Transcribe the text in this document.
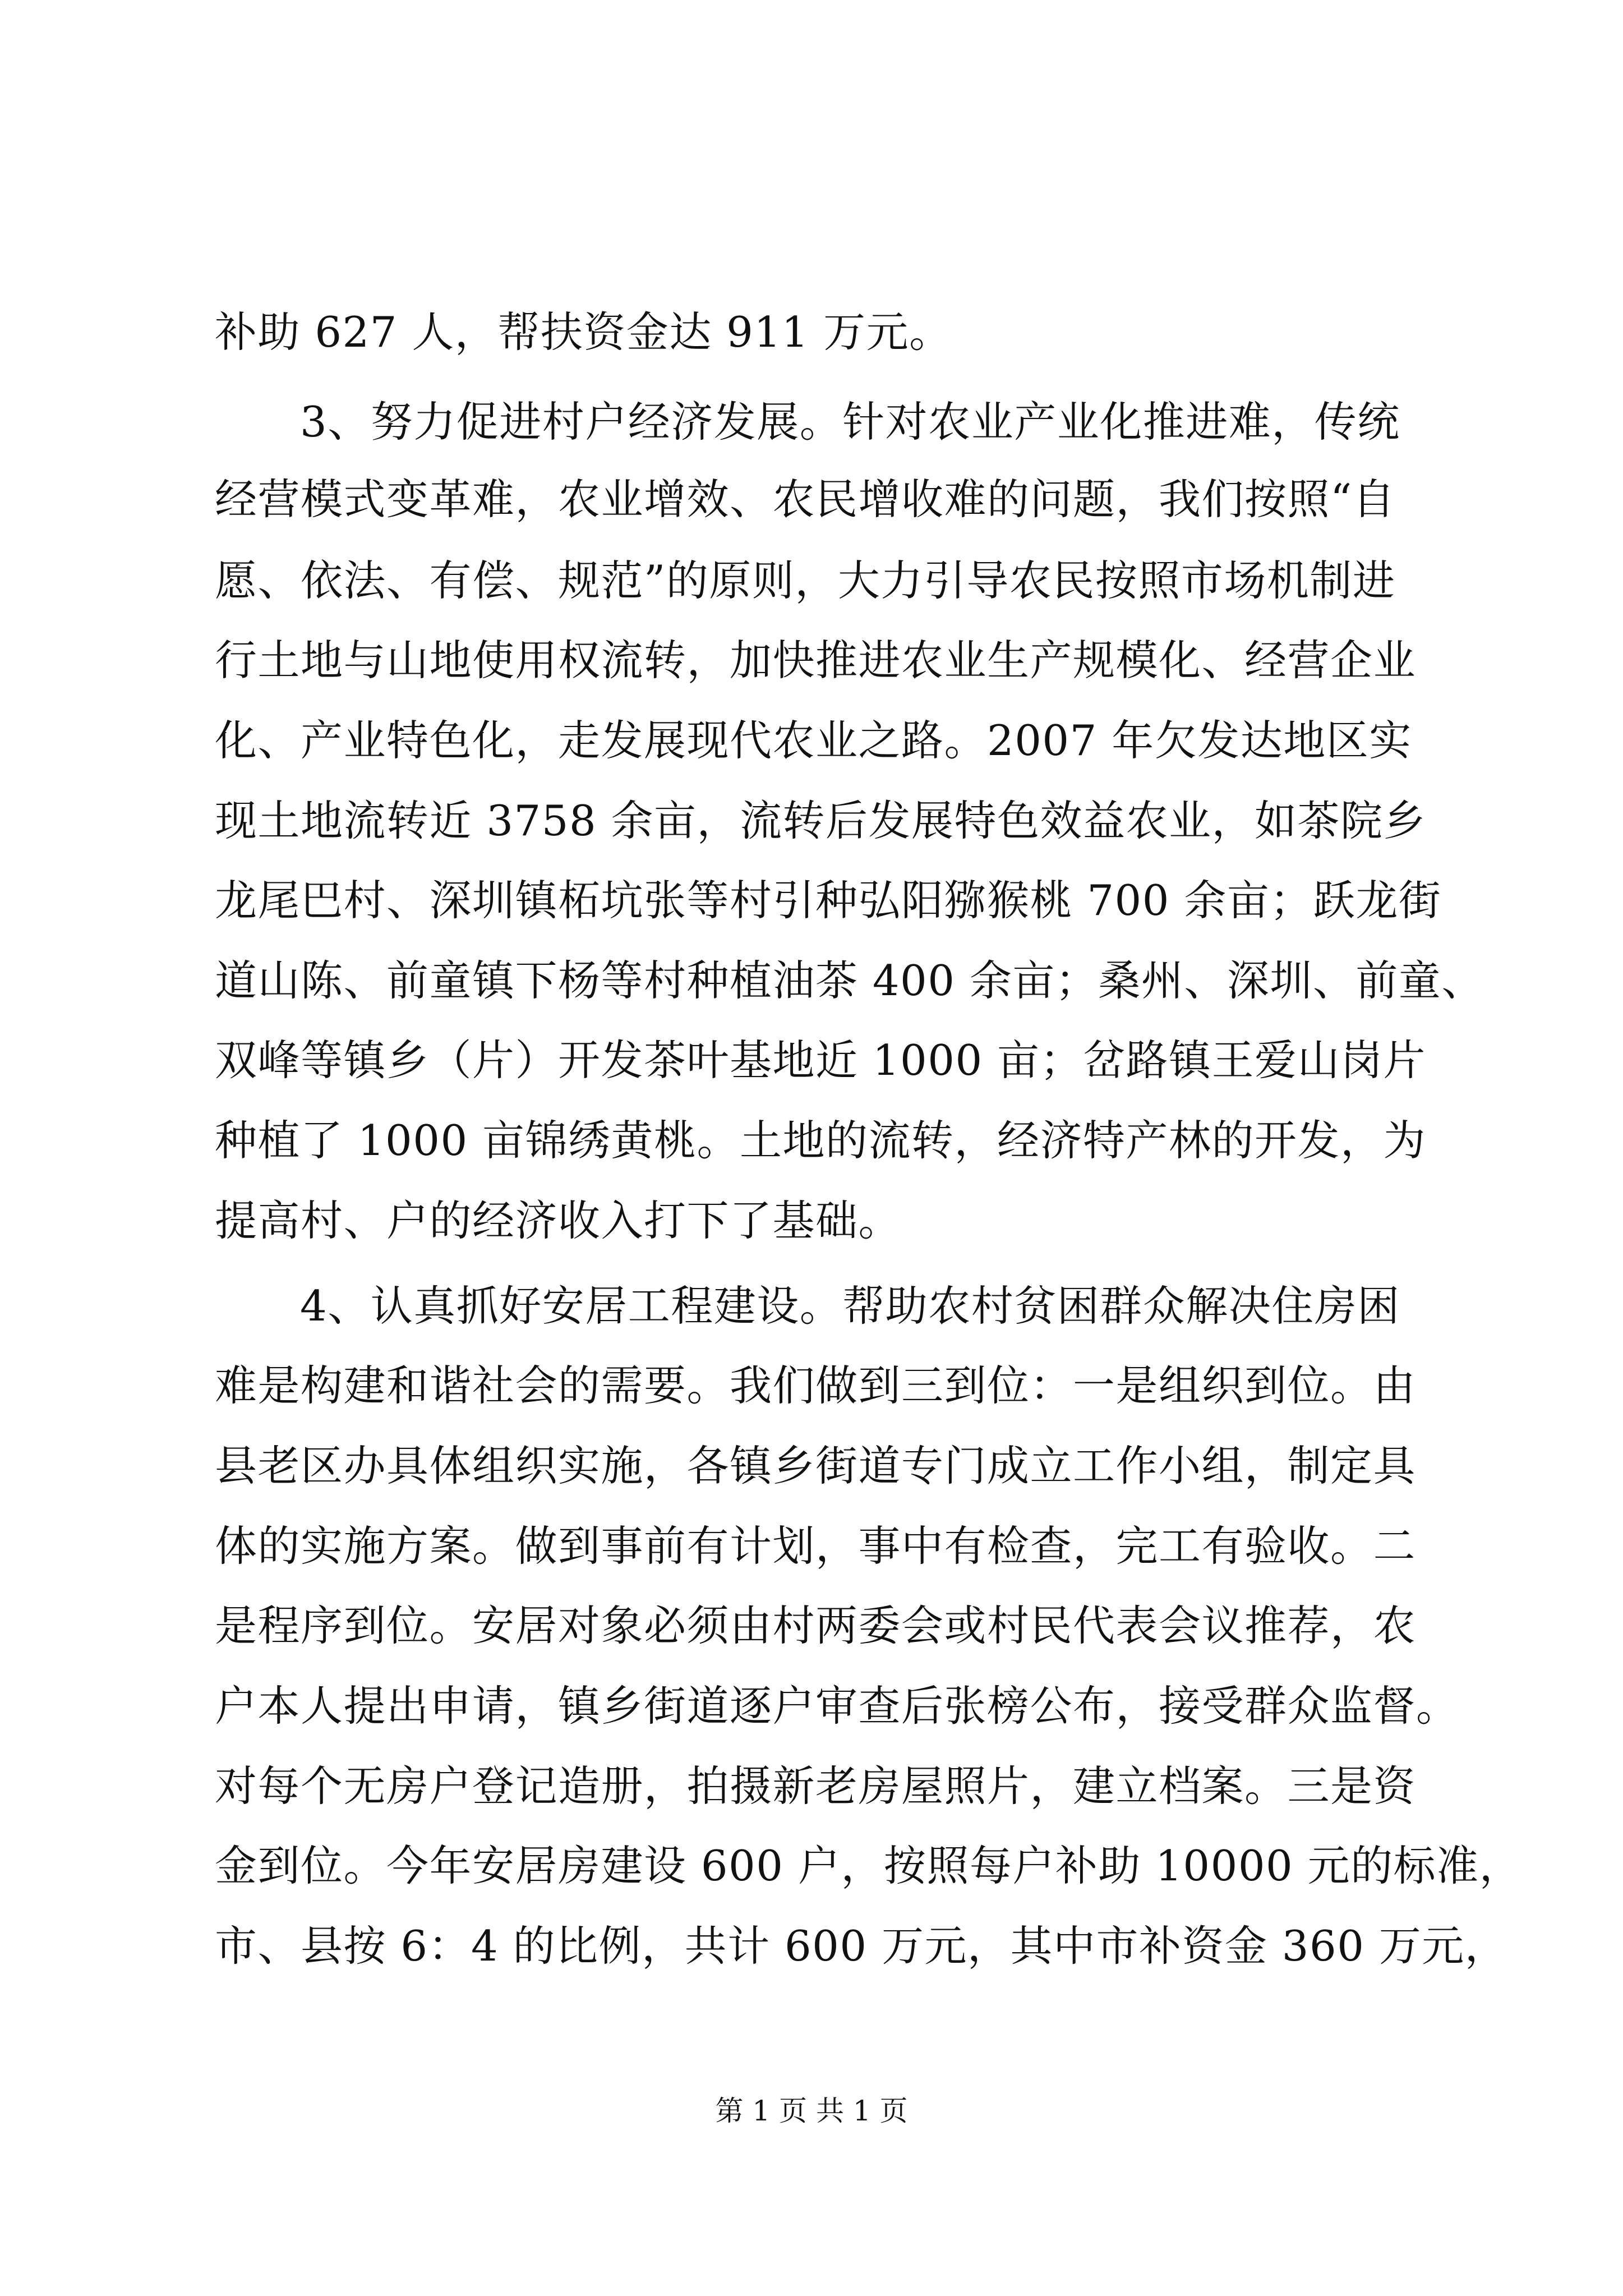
补助 627 人，帮扶资金达 911 万元。
3、努力促进村户经济发展。针对农业产业化推进难，传统
经营模式变革难，农业增效、农民增收难的问题，我们按照“自
愿、依法、有偿、规范”的原则，大力引导农民按照市场机制进
行土地与山地使用权流转，加快推进农业生产规模化、经营企业
化、产业特色化，走发展现代农业之路。2007 年欠发达地区实
现土地流转近 3758 余亩，流转后发展特色效益农业，如茶院乡
龙尾巴村、深圳镇柘坑张等村引种弘阳猕猴桃 700 余亩；跃龙街
道山陈、前童镇下杨等村种植油茶 400 余亩；桑州、深圳、前童、
双峰等镇乡（片）开发茶叶基地近 1000 亩；岔路镇王爱山岗片
种植了 1000 亩锦绣黄桃。土地的流转，经济特产林的开发，为
提高村、户的经济收入打下了基础。
4、认真抓好安居工程建设。帮助农村贫困群众解决住房困
难是构建和谐社会的需要。我们做到三到位：一是组织到位。由
县老区办具体组织实施，各镇乡街道专门成立工作小组，制定具
体的实施方案。做到事前有计划，事中有检查，完工有验收。二
是程序到位。安居对象必须由村两委会或村民代表会议推荐，农
户本人提出申请，镇乡街道逐户审查后张榜公布，接受群众监督。
对每个无房户登记造册，拍摄新老房屋照片，建立档案。三是资
金到位。今年安居房建设 600 户，按照每户补助 10000 元的标准，
市、县按 6：4 的比例，共计 600 万元，其中市补资金 360 万元，
第 1 页 共 1 页
